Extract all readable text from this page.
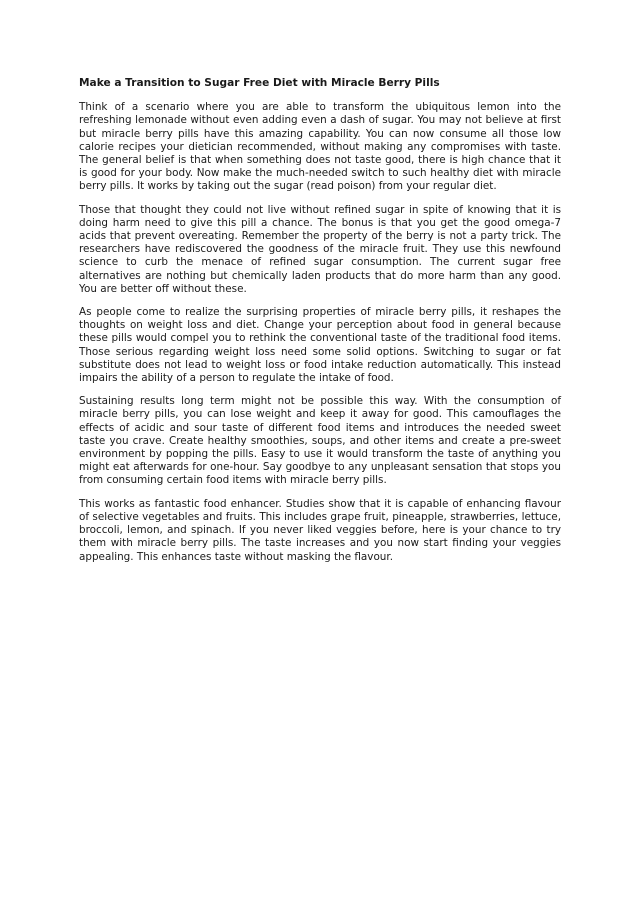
Make a Transition to Sugar Free Diet with Miracle Berry Pills

Think of a scenario where you are able to transform the ubiquitous lemon into the refreshing lemonade without even adding even a dash of sugar. You may not believe at first but miracle berry pills have this amazing capability. You can now consume all those low calorie recipes your dietician recommended, without making any compromises with taste. The general belief is that when something does not taste good, there is high chance that it is good for your body. Now make the much-needed switch to such healthy diet with miracle berry pills. It works by taking out the sugar (read poison) from your regular diet.

Those that thought they could not live without refined sugar in spite of knowing that it is doing harm need to give this pill a chance. The bonus is that you get the good omega-7 acids that prevent overeating. Remember the property of the berry is not a party trick. The researchers have rediscovered the goodness of the miracle fruit. They use this newfound science to curb the menace of refined sugar consumption. The current sugar free alternatives are nothing but chemically laden products that do more harm than any good. You are better off without these.

As people come to realize the surprising properties of miracle berry pills, it reshapes the thoughts on weight loss and diet. Change your perception about food in general because these pills would compel you to rethink the conventional taste of the traditional food items. Those serious regarding weight loss need some solid options. Switching to sugar or fat substitute does not lead to weight loss or food intake reduction automatically. This instead impairs the ability of a person to regulate the intake of food.

Sustaining results long term might not be possible this way. With the consumption of miracle berry pills, you can lose weight and keep it away for good. This camouflages the effects of acidic and sour taste of different food items and introduces the needed sweet taste you crave. Create healthy smoothies, soups, and other items and create a pre-sweet environment by popping the pills. Easy to use it would transform the taste of anything you might eat afterwards for one-hour. Say goodbye to any unpleasant sensation that stops you from consuming certain food items with miracle berry pills.

This works as fantastic food enhancer. Studies show that it is capable of enhancing flavour of selective vegetables and fruits. This includes grape fruit, pineapple, strawberries, lettuce, broccoli, lemon, and spinach. If you never liked veggies before, here is your chance to try them with miracle berry pills. The taste increases and you now start finding your veggies appealing. This enhances taste without masking the flavour.
